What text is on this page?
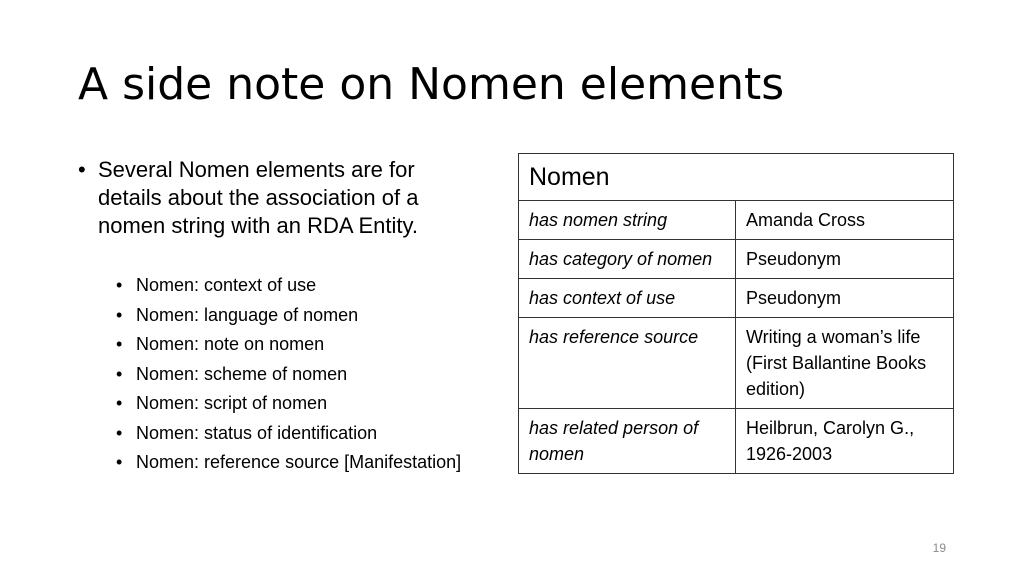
A side note on Nomen elements

• Several Nomen elements are for details about the association of a nomen string with an RDA Entity.

• Nomen: context of use
• Nomen: language of nomen
• Nomen: note on nomen
• Nomen: scheme of nomen
• Nomen: script of nomen
• Nomen: status of identification
• Nomen: reference source [Manifestation]
Nomen	
has nomen string	Amanda Cross
has category of nomen	Pseudonym
has context of use	Pseudonym
has reference source	Writing a woman’s life (First Ballantine Books edition)
has related person of nomen	Heilbrun, Carolyn G., 1926-2003
19
